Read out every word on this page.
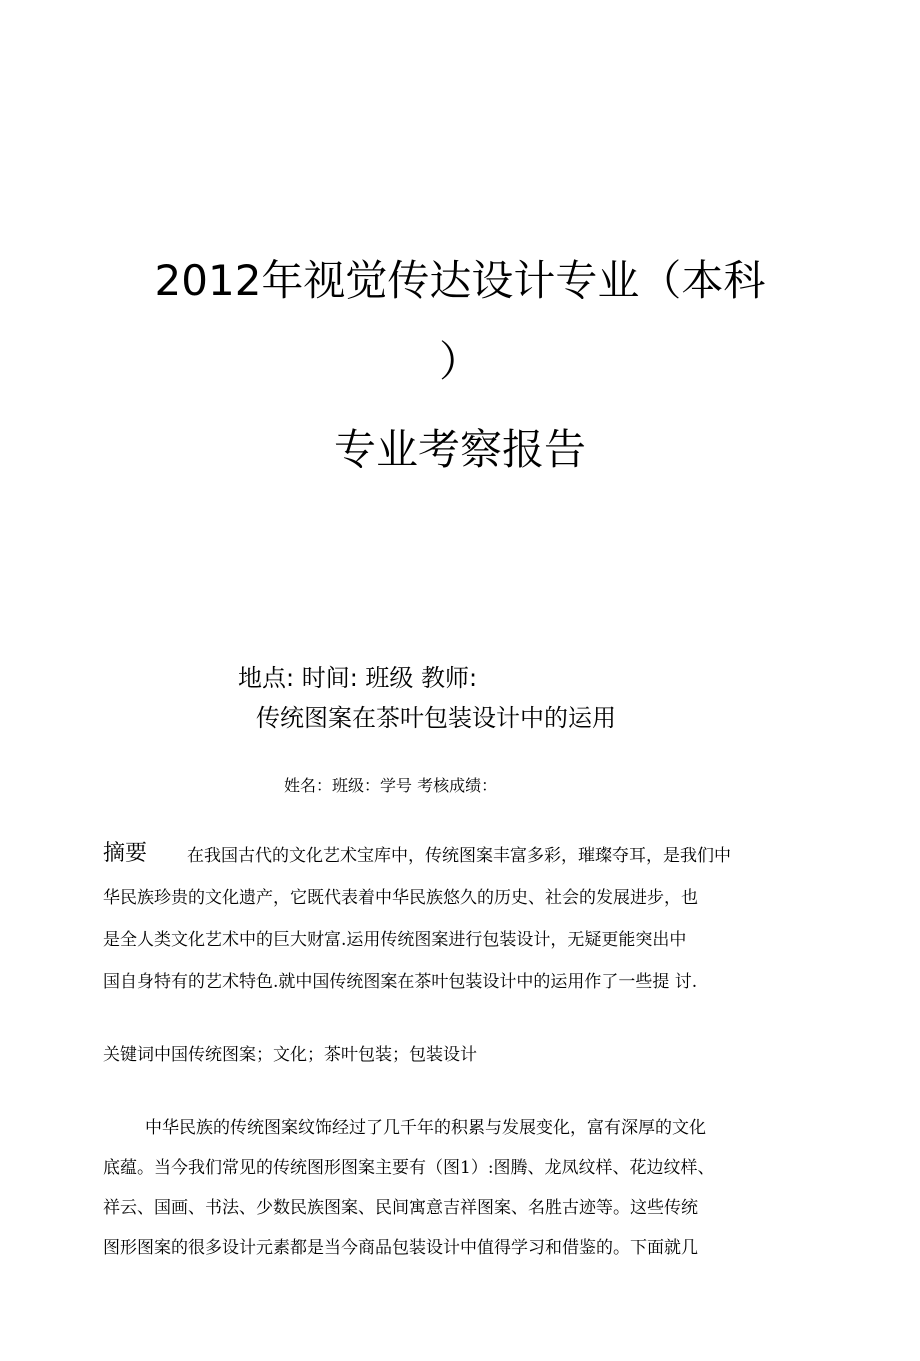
2012年视觉传达设计专业（本科
）
专业考察报告
地点: 时间: 班级 教师:
传统图案在茶叶包装设计中的运用
姓名：班级：学号 考核成绩：
摘要 在我国古代的文化艺术宝库中，传统图案丰富多彩，璀璨夺耳，是我们中
华民族珍贵的文化遗产，它既代表着中华民族悠久的历史、社会的发展进步，也
是全人类文化艺术中的巨大财富.运用传统图案进行包装设计，无疑更能突出中
国自身特有的艺术特色.就中国传统图案在茶叶包装设计中的运用作了一些提 讨.
关键词中国传统图案；文化；茶叶包装；包装设计
中华民族的传统图案纹饰经过了几千年的积累与发展变化，富有深厚的文化
底蕴。当今我们常见的传统图形图案主要有（图1）:图腾、龙凤纹样、花边纹样、
祥云、国画、书法、少数民族图案、民间寓意吉祥图案、名胜古迹等。这些传统
图形图案的很多设计元素都是当今商品包装设计中值得学习和借鉴的。下面就几
